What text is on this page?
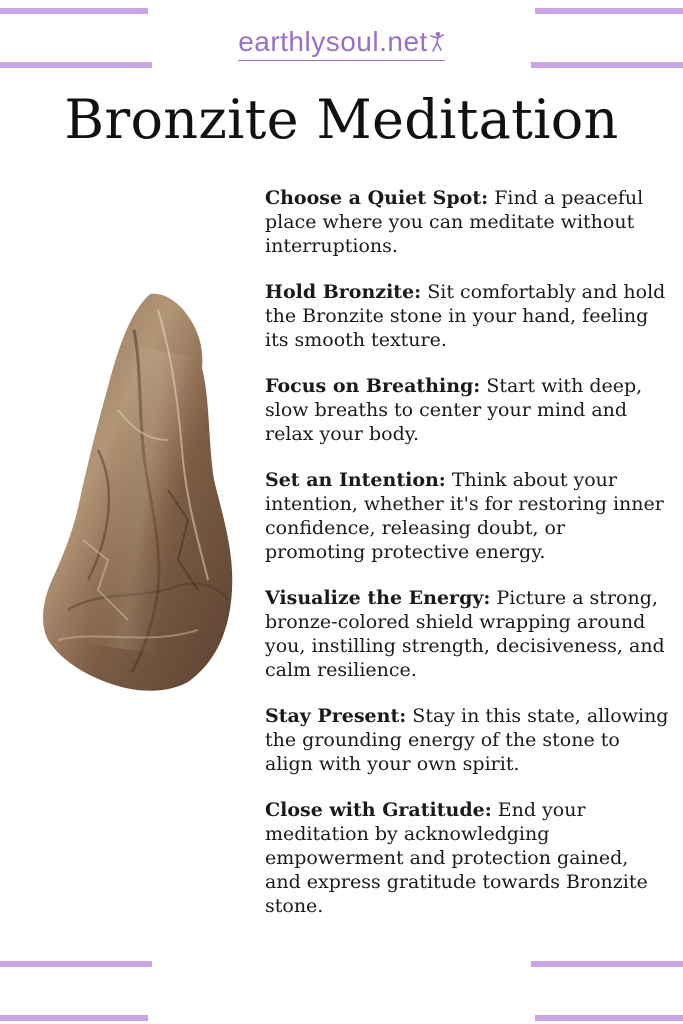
earthlysoul.net
Bronzite Meditation
Choose a Quiet Spot: Find a peaceful place where you can meditate without interruptions.
Hold Bronzite: Sit comfortably and hold the Bronzite stone in your hand, feeling its smooth texture.
Focus on Breathing: Start with deep, slow breaths to center your mind and relax your body.
Set an Intention: Think about your intention, whether it's for restoring inner confidence, releasing doubt, or promoting protective energy.
Visualize the Energy: Picture a strong, bronze-colored shield wrapping around you, instilling strength, decisiveness, and calm resilience.
Stay Present: Stay in this state, allowing the grounding energy of the stone to align with your own spirit.
Close with Gratitude: End your meditation by acknowledging empowerment and protection gained, and express gratitude towards Bronzite stone.
